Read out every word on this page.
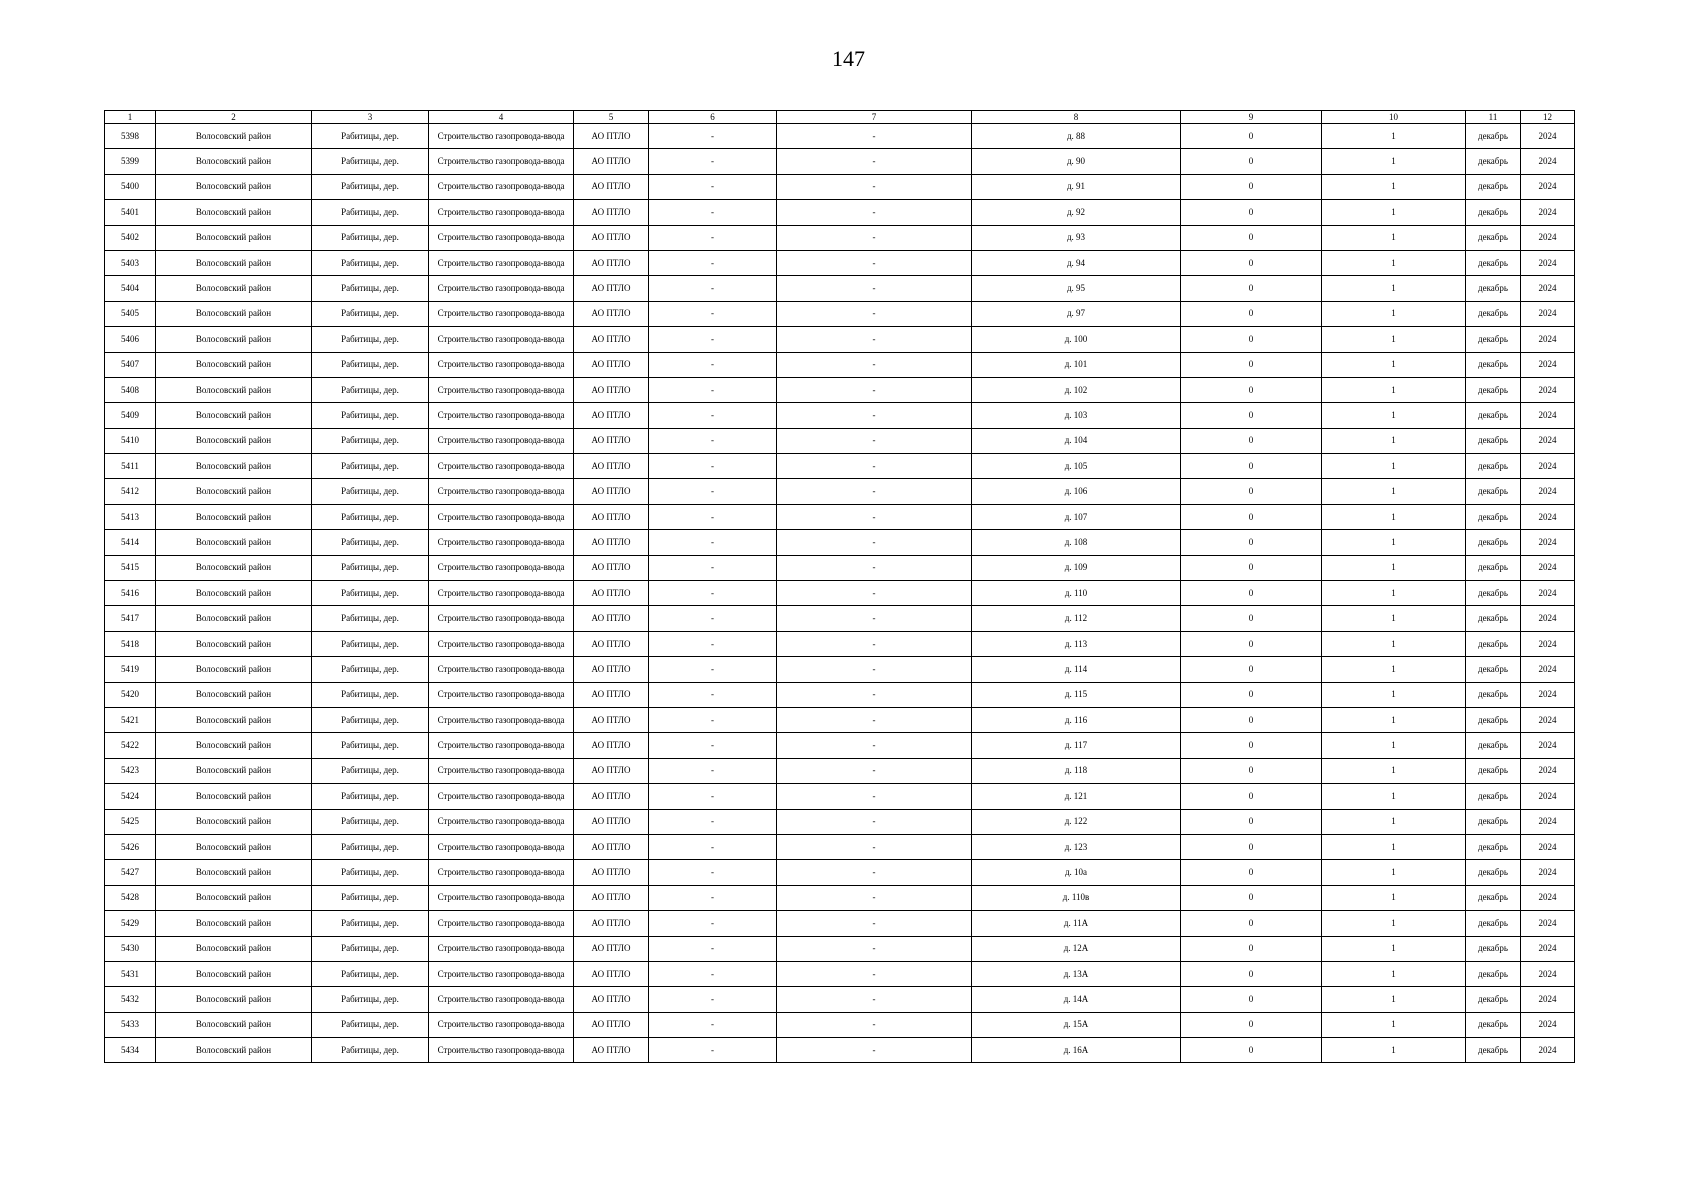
147
1	2	3	4	5	6	7	8	9	10	11	12
5398	Волосовский район	Рабитицы, дер.	Строительство газопровода-ввода	АО ПТЛО	-	-	д. 88	0	1	декабрь	2024
5399	Волосовский район	Рабитицы, дер.	Строительство газопровода-ввода	АО ПТЛО	-	-	д. 90	0	1	декабрь	2024
5400	Волосовский район	Рабитицы, дер.	Строительство газопровода-ввода	АО ПТЛО	-	-	д. 91	0	1	декабрь	2024
5401	Волосовский район	Рабитицы, дер.	Строительство газопровода-ввода	АО ПТЛО	-	-	д. 92	0	1	декабрь	2024
5402	Волосовский район	Рабитицы, дер.	Строительство газопровода-ввода	АО ПТЛО	-	-	д. 93	0	1	декабрь	2024
5403	Волосовский район	Рабитицы, дер.	Строительство газопровода-ввода	АО ПТЛО	-	-	д. 94	0	1	декабрь	2024
5404	Волосовский район	Рабитицы, дер.	Строительство газопровода-ввода	АО ПТЛО	-	-	д. 95	0	1	декабрь	2024
5405	Волосовский район	Рабитицы, дер.	Строительство газопровода-ввода	АО ПТЛО	-	-	д. 97	0	1	декабрь	2024
5406	Волосовский район	Рабитицы, дер.	Строительство газопровода-ввода	АО ПТЛО	-	-	д. 100	0	1	декабрь	2024
5407	Волосовский район	Рабитицы, дер.	Строительство газопровода-ввода	АО ПТЛО	-	-	д. 101	0	1	декабрь	2024
5408	Волосовский район	Рабитицы, дер.	Строительство газопровода-ввода	АО ПТЛО	-	-	д. 102	0	1	декабрь	2024
5409	Волосовский район	Рабитицы, дер.	Строительство газопровода-ввода	АО ПТЛО	-	-	д. 103	0	1	декабрь	2024
5410	Волосовский район	Рабитицы, дер.	Строительство газопровода-ввода	АО ПТЛО	-	-	д. 104	0	1	декабрь	2024
5411	Волосовский район	Рабитицы, дер.	Строительство газопровода-ввода	АО ПТЛО	-	-	д. 105	0	1	декабрь	2024
5412	Волосовский район	Рабитицы, дер.	Строительство газопровода-ввода	АО ПТЛО	-	-	д. 106	0	1	декабрь	2024
5413	Волосовский район	Рабитицы, дер.	Строительство газопровода-ввода	АО ПТЛО	-	-	д. 107	0	1	декабрь	2024
5414	Волосовский район	Рабитицы, дер.	Строительство газопровода-ввода	АО ПТЛО	-	-	д. 108	0	1	декабрь	2024
5415	Волосовский район	Рабитицы, дер.	Строительство газопровода-ввода	АО ПТЛО	-	-	д. 109	0	1	декабрь	2024
5416	Волосовский район	Рабитицы, дер.	Строительство газопровода-ввода	АО ПТЛО	-	-	д. 110	0	1	декабрь	2024
5417	Волосовский район	Рабитицы, дер.	Строительство газопровода-ввода	АО ПТЛО	-	-	д. 112	0	1	декабрь	2024
5418	Волосовский район	Рабитицы, дер.	Строительство газопровода-ввода	АО ПТЛО	-	-	д. 113	0	1	декабрь	2024
5419	Волосовский район	Рабитицы, дер.	Строительство газопровода-ввода	АО ПТЛО	-	-	д. 114	0	1	декабрь	2024
5420	Волосовский район	Рабитицы, дер.	Строительство газопровода-ввода	АО ПТЛО	-	-	д. 115	0	1	декабрь	2024
5421	Волосовский район	Рабитицы, дер.	Строительство газопровода-ввода	АО ПТЛО	-	-	д. 116	0	1	декабрь	2024
5422	Волосовский район	Рабитицы, дер.	Строительство газопровода-ввода	АО ПТЛО	-	-	д. 117	0	1	декабрь	2024
5423	Волосовский район	Рабитицы, дер.	Строительство газопровода-ввода	АО ПТЛО	-	-	д. 118	0	1	декабрь	2024
5424	Волосовский район	Рабитицы, дер.	Строительство газопровода-ввода	АО ПТЛО	-	-	д. 121	0	1	декабрь	2024
5425	Волосовский район	Рабитицы, дер.	Строительство газопровода-ввода	АО ПТЛО	-	-	д. 122	0	1	декабрь	2024
5426	Волосовский район	Рабитицы, дер.	Строительство газопровода-ввода	АО ПТЛО	-	-	д. 123	0	1	декабрь	2024
5427	Волосовский район	Рабитицы, дер.	Строительство газопровода-ввода	АО ПТЛО	-	-	д. 10а	0	1	декабрь	2024
5428	Волосовский район	Рабитицы, дер.	Строительство газопровода-ввода	АО ПТЛО	-	-	д. 110в	0	1	декабрь	2024
5429	Волосовский район	Рабитицы, дер.	Строительство газопровода-ввода	АО ПТЛО	-	-	д. 11А	0	1	декабрь	2024
5430	Волосовский район	Рабитицы, дер.	Строительство газопровода-ввода	АО ПТЛО	-	-	д. 12А	0	1	декабрь	2024
5431	Волосовский район	Рабитицы, дер.	Строительство газопровода-ввода	АО ПТЛО	-	-	д. 13А	0	1	декабрь	2024
5432	Волосовский район	Рабитицы, дер.	Строительство газопровода-ввода	АО ПТЛО	-	-	д. 14А	0	1	декабрь	2024
5433	Волосовский район	Рабитицы, дер.	Строительство газопровода-ввода	АО ПТЛО	-	-	д. 15А	0	1	декабрь	2024
5434	Волосовский район	Рабитицы, дер.	Строительство газопровода-ввода	АО ПТЛО	-	-	д. 16А	0	1	декабрь	2024
